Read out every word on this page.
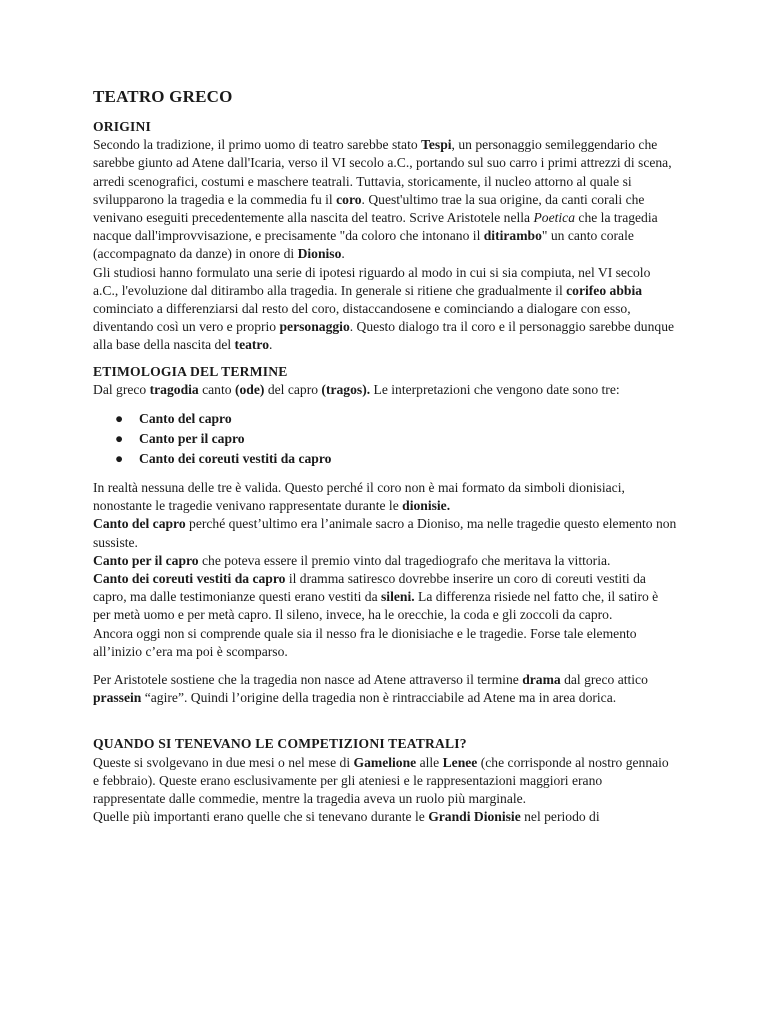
TEATRO GRECO
ORIGINI

Secondo la tradizione, il primo uomo di teatro sarebbe stato Tespi, un personaggio semileggendario che sarebbe giunto ad Atene dall'Icaria, verso il VI secolo a.C., portando sul suo carro i primi attrezzi di scena, arredi scenografici, costumi e maschere teatrali. Tuttavia, storicamente, il nucleo attorno al quale si svilupparono la tragedia e la commedia fu il coro. Quest'ultimo trae la sua origine, da canti corali che venivano eseguiti precedentemente alla nascita del teatro. Scrive Aristotele nella Poetica che la tragedia nacque dall'improvvisazione, e precisamente "da coloro che intonano il ditirambo" un canto corale (accompagnato da danze) in onore di Dioniso.

Gli studiosi hanno formulato una serie di ipotesi riguardo al modo in cui si sia compiuta, nel VI secolo a.C., l'evoluzione dal ditirambo alla tragedia. In generale si ritiene che gradualmente il corifeo abbia cominciato a differenziarsi dal resto del coro, distaccandosene e cominciando a dialogare con esso, diventando così un vero e proprio personaggio. Questo dialogo tra il coro e il personaggio sarebbe dunque alla base della nascita del teatro.

ETIMOLOGIA DEL TERMINE

Dal greco tragodia canto (ode) del capro (tragos). Le interpretazioni che vengono date sono tre:

● Canto del capro
● Canto per il capro
● Canto dei coreuti vestiti da capro

In realtà nessuna delle tre è valida. Questo perché il coro non è mai formato da simboli dionisiaci, nonostante le tragedie venivano rappresentate durante le dionisie.

Canto del capro perché quest’ultimo era l’animale sacro a Dioniso, ma nelle tragedie questo elemento non sussiste.

Canto per il capro che poteva essere il premio vinto dal tragediografo che meritava la vittoria.

Canto dei coreuti vestiti da capro il dramma satiresco dovrebbe inserire un coro di coreuti vestiti da capro, ma dalle testimonianze questi erano vestiti da sileni. La differenza risiede nel fatto che, il satiro è per metà uomo e per metà capro. Il sileno, invece, ha le orecchie, la coda e gli zoccoli da capro.

Ancora oggi non si comprende quale sia il nesso fra le dionisiache e le tragedie. Forse tale elemento all’inizio c’era ma poi è scomparso.

Per Aristotele sostiene che la tragedia non nasce ad Atene attraverso il termine drama dal greco attico prassein “agire”. Quindi l’origine della tragedia non è rintracciabile ad Atene ma in area dorica.

QUANDO SI TENEVANO LE COMPETIZIONI TEATRALI?

Queste si svolgevano in due mesi o nel mese di Gamelione alle Lenee (che corrisponde al nostro gennaio e febbraio). Queste erano esclusivamente per gli ateniesi e le rappresentazioni maggiori erano rappresentate dalle commedie, mentre la tragedia aveva un ruolo più marginale.

Quelle più importanti erano quelle che si tenevano durante le Grandi Dionisie nel periodo di
